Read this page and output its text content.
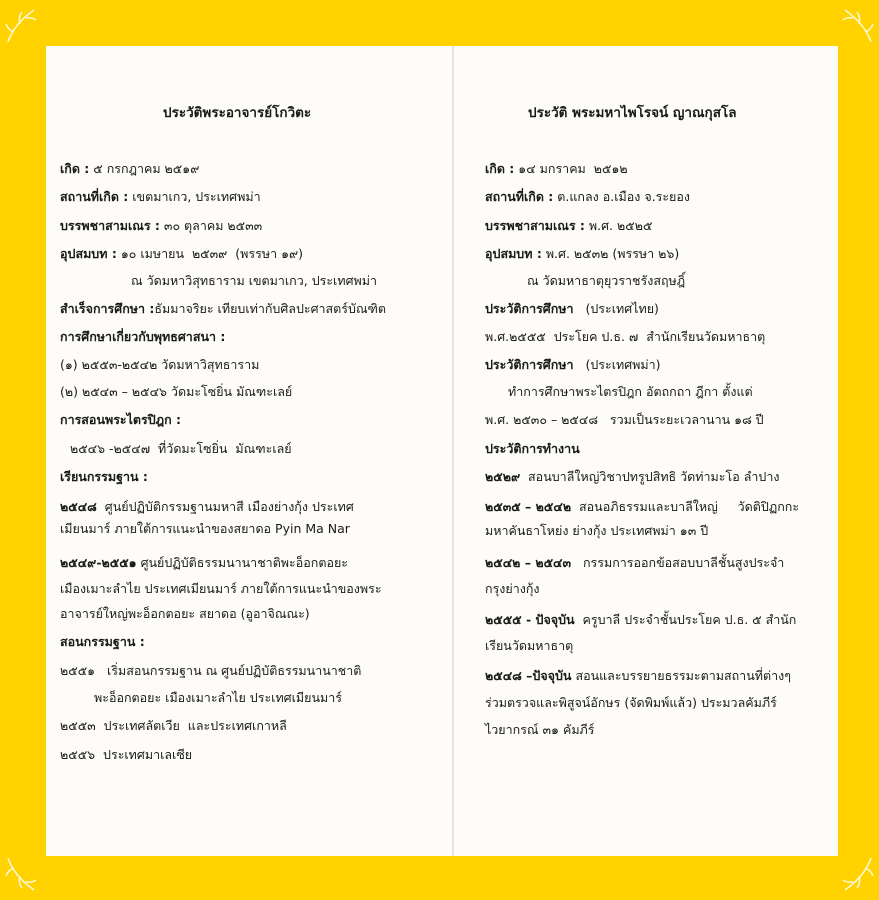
ประวัติพระอาจารย์โกวิตะ
เกิด : ๕ กรกฎาคม ๒๕๑๙
สถานที่เกิด : เขตมาเกว, ประเทศพม่า
บรรพชาสามเณร : ๓๐ ตุลาคม ๒๕๓๓
อุปสมบท : ๑๐ เมษายน  ๒๕๓๙  (พรรษา ๑๙)
ณ วัดมหาวิสุทธาราม เขตมาเกว, ประเทศพม่า
สำเร็จการศึกษา :ธัมมาจริยะ เทียบเท่ากับศิลปะศาสตร์บัณฑิต
การศึกษาเกี่ยวกับพุทธศาสนา :
(๑) ๒๕๕๓-๒๕๔๒ วัดมหาวิสุทธาราม
(๒) ๒๕๔๓ – ๒๕๔๖ วัดมะโซยิ่น มัณฑะเลย์
การสอนพระไตรปิฎก :
๒๕๔๖ -๒๕๔๗  ที่วัดมะโซยิ่น  มัณฑะเลย์
เรียนกรรมฐาน :
๒๕๔๘  ศูนย์ปฏิบัติกรรมฐานมหาสี เมืองย่างกุ้ง ประเทศ
เมียนมาร์ ภายใต้การแนะนำของสยาดอ Pyin Ma Nar
๒๕๔๙-๒๕๕๑ ศูนย์ปฏิบัติธรรมนานาชาติพะอ็อกตอยะ
เมืองเมาะลำไย ประเทศเมียนมาร์ ภายใต้การแนะนำของพระ
อาจารย์ใหญ่พะอ็อกตอยะ สยาดอ (อูอาจิณณะ)
สอนกรรมฐาน :
๒๕๕๑   เริ่มสอนกรรมฐาน ณ ศูนย์ปฏิบัติธรรมนานาชาติ
พะอ็อกตอยะ เมืองเมาะลำไย ประเทศเมียนมาร์
๒๕๕๓  ประเทศลัตเวีย  และประเทศเกาหลี
๒๕๕๖  ประเทศมาเลเซีย
ประวัติ พระมหาไพโรจน์ ญาณกุสโล
เกิด : ๑๔ มกราคม  ๒๕๑๒
สถานที่เกิด : ต.แกลง อ.เมือง จ.ระยอง
บรรพชาสามเณร : พ.ศ. ๒๕๒๕
อุปสมบท : พ.ศ. ๒๕๓๒ (พรรษา ๒๖)
ณ วัดมหาธาตุยุวราชรังสฤษฎิ์
ประวัติการศึกษา   (ประเทศไทย)
พ.ศ.๒๕๕๕  ประโยค ป.ธ. ๗  สำนักเรียนวัดมหาธาตุ
ประวัติการศึกษา   (ประเทศพม่า)
ทำการศึกษาพระไตรปิฎก อัตถกถา ฎีกา ตั้งแต่
พ.ศ. ๒๕๓๐ – ๒๕๔๘   รวมเป็นระยะเวลานาน ๑๘ ปี
ประวัติการทำงาน
๒๕๒๙  สอนบาลีใหญ่วิชาปทรูปสิทธิ วัดท่ามะโอ ลำปาง
๒๕๓๕ – ๒๕๔๒  สอนอภิธรรมและบาลีใหญ่     วัดติปิฏกกะ
มหาคันธาโหย่ง ย่างกุ้ง ประเทศพม่า ๑๓ ปี
๒๕๔๒ – ๒๕๔๓   กรรมการออกข้อสอบบาลีชั้นสูงประจำ
กรุงย่างกุ้ง
๒๕๕๕ - ปัจจุบัน  ครูบาลี ประจำชั้นประโยค ป.ธ. ๕ สำนัก
เรียนวัดมหาธาตุ
๒๕๔๘ –ปัจจุบัน สอนและบรรยายธรรมะตามสถานที่ต่างๆ
ร่วมตรวจและพิสูจน์อักษร (จัดพิมพ์แล้ว) ประมวลคัมภีร์
ไวยากรณ์ ๓๑ คัมภีร์
